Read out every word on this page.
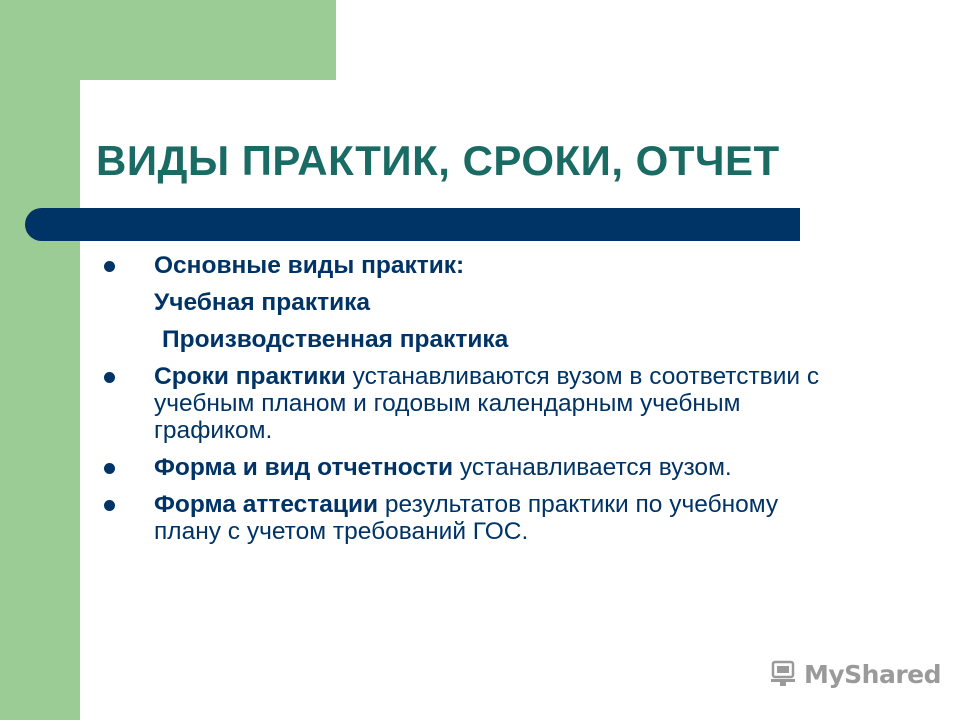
ВИДЫ ПРАКТИК, СРОКИ, ОТЧЕТ
Основные виды практик:
Учебная практика
Производственная практика
Сроки практики устанавливаются вузом в соответствии с учебным планом и годовым календарным учебным графиком.
Форма и вид отчетности устанавливается вузом.
Форма аттестации результатов практики по учебному плану с учетом требований ГОС.
MyShared
